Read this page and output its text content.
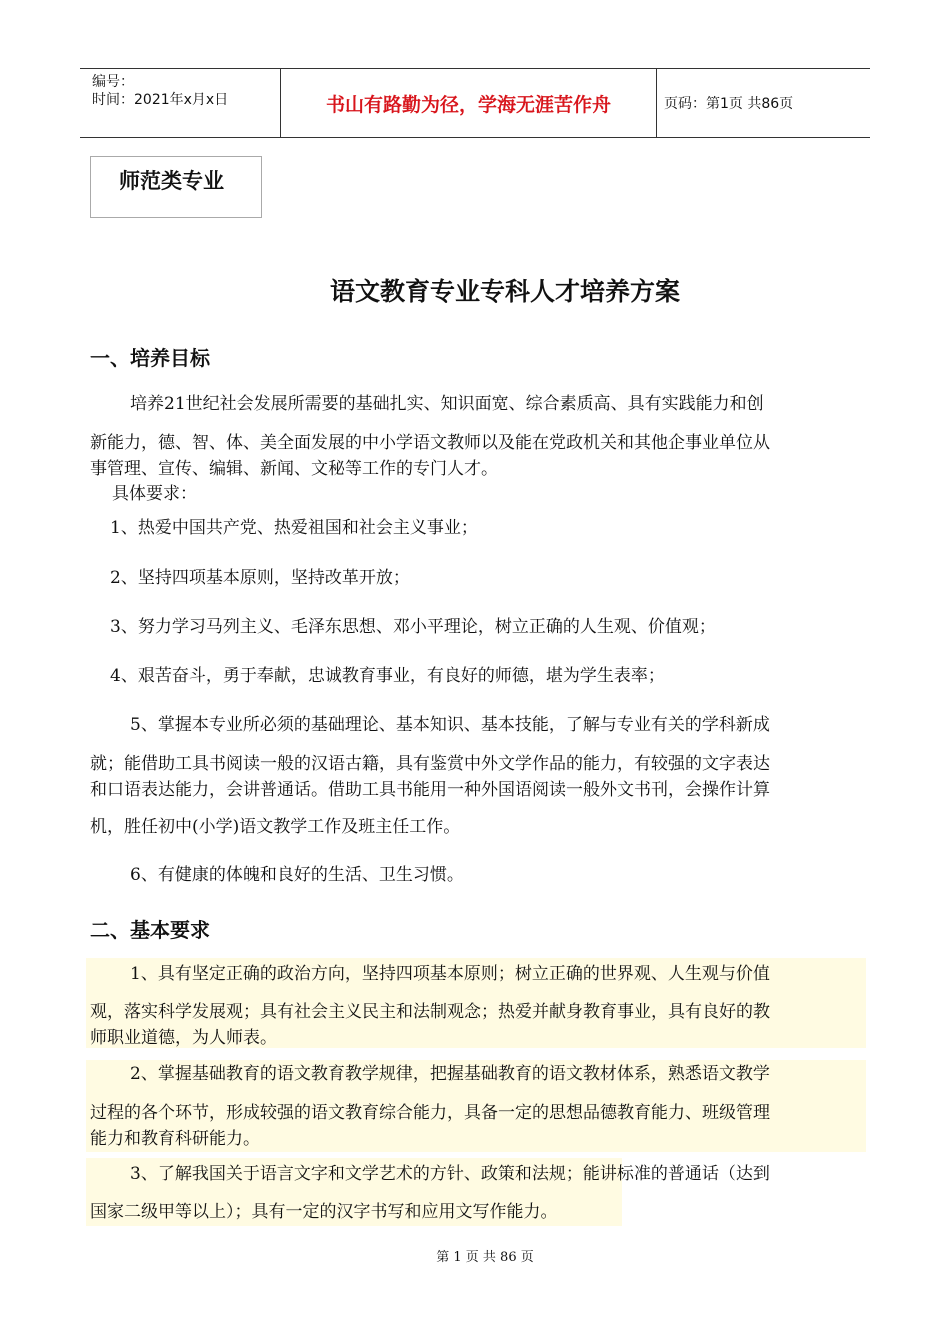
编号：
时间：2021年x月x日	书山有路勤为径，学海无涯苦作舟	页码：第1页 共86页
师范类专业
语文教育专业专科人才培养方案
一、培养目标
培养21世纪社会发展所需要的基础扎实、知识面宽、综合素质高、具有实践能力和创
新能力，德、智、体、美全面发展的中小学语文教师以及能在党政机关和其他企事业单位从
事管理、宣传、编辑、新闻、文秘等工作的专门人才。
具体要求：
1、热爱中国共产党、热爱祖国和社会主义事业；
2、坚持四项基本原则，坚持改革开放；
3、努力学习马列主义、毛泽东思想、邓小平理论，树立正确的人生观、价值观；
4、艰苦奋斗，勇于奉献，忠诚教育事业，有良好的师德，堪为学生表率；
5、掌握本专业所必须的基础理论、基本知识、基本技能，了解与专业有关的学科新成
就；能借助工具书阅读一般的汉语古籍，具有鉴赏中外文学作品的能力，有较强的文字表达
和口语表达能力，会讲普通话。借助工具书能用一种外国语阅读一般外文书刊，会操作计算
机，胜任初中(小学)语文教学工作及班主任工作。
6、有健康的体魄和良好的生活、卫生习惯。
二、基本要求
1、具有坚定正确的政治方向，坚持四项基本原则；树立正确的世界观、人生观与价值
观，落实科学发展观；具有社会主义民主和法制观念；热爱并献身教育事业，具有良好的教
师职业道德，为人师表。
2、掌握基础教育的语文教育教学规律，把握基础教育的语文教材体系，熟悉语文教学
过程的各个环节，形成较强的语文教育综合能力，具备一定的思想品德教育能力、班级管理
能力和教育科研能力。
3、了解我国关于语言文字和文学艺术的方针、政策和法规；能讲标准的普通话（达到
国家二级甲等以上）；具有一定的汉字书写和应用文写作能力。
第 1 页 共 86 页
